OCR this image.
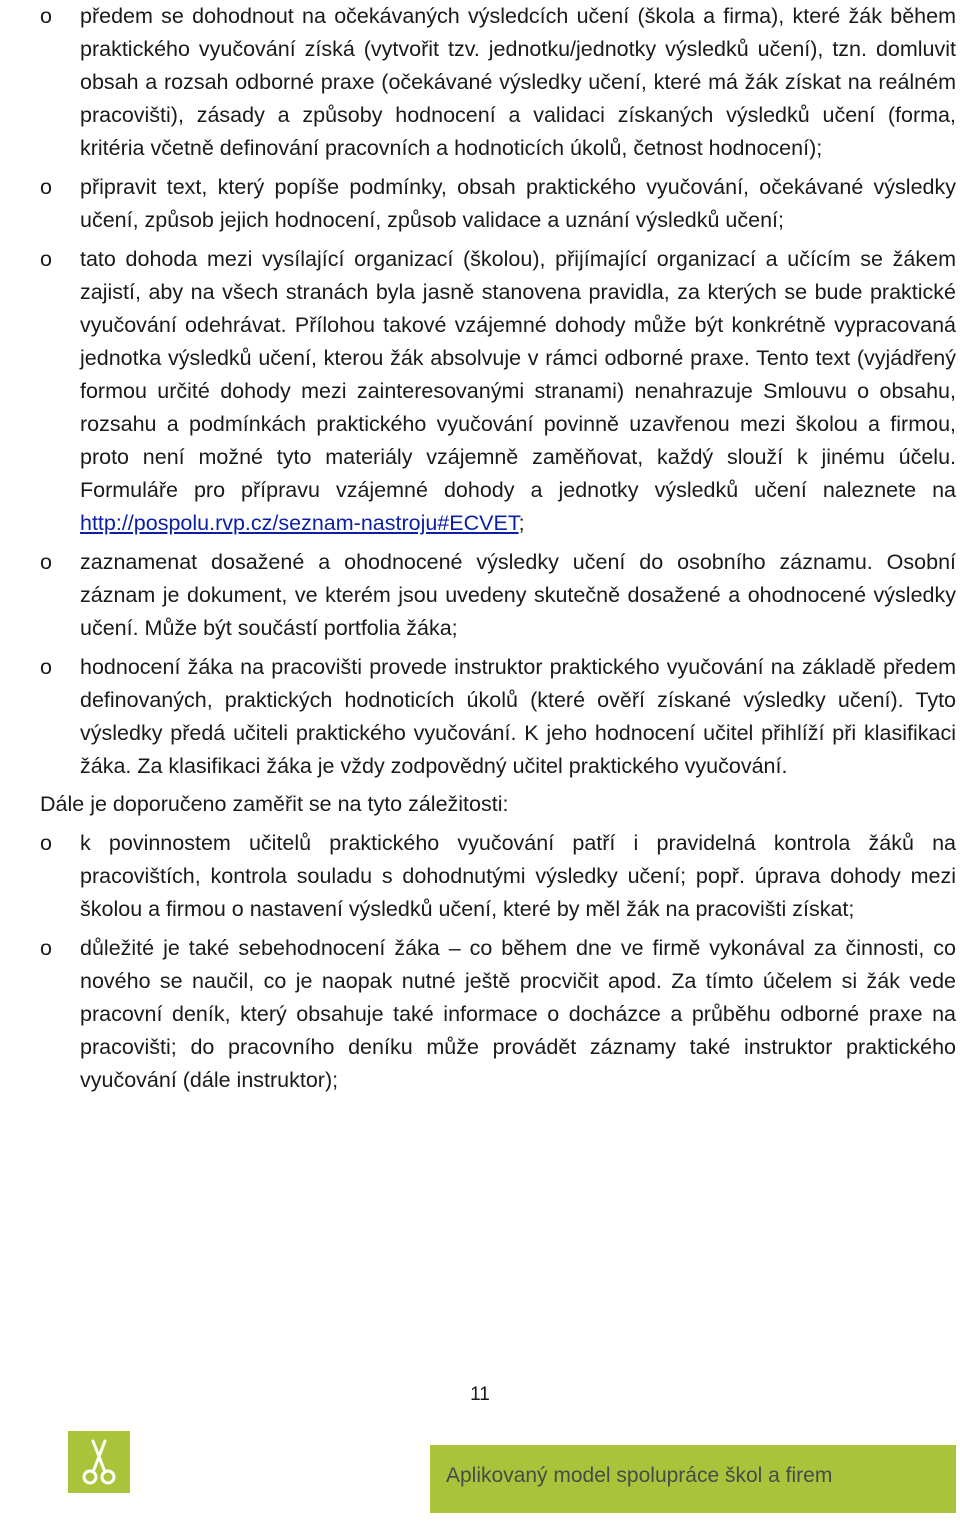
o	předem se dohodnout na očekávaných výsledcích učení (škola a firma), které žák během praktického vyučování získá (vytvořit tzv. jednotku/jednotky výsledků učení), tzn. domluvit obsah a rozsah odborné praxe (očekávané výsledky učení, které má žák získat na reálném pracovišti), zásady a způsoby hodnocení a validaci získaných výsledků učení (forma, kritéria včetně definování pracovních a hodnoticích úkolů, četnost hodnocení);
o	připravit text, který popíše podmínky, obsah praktického vyučování, očekávané výsledky učení, způsob jejich hodnocení, způsob validace a uznání výsledků učení;
o	tato dohoda mezi vysílající organizací (školou), přijímající organizací a učícím se žákem zajistí, aby na všech stranách byla jasně stanovena pravidla, za kterých se bude praktické vyučování odehrávat. Přílohou takové vzájemné dohody může být konkrétně vypracovaná jednotka výsledků učení, kterou žák absolvuje v rámci odborné praxe. Tento text (vyjádřený formou určité dohody mezi zainteresovanými stranami) nenahrazuje Smlouvu o obsahu, rozsahu a podmínkách praktického vyučování povinně uzavřenou mezi školou a firmou, proto není možné tyto materiály vzájemně zaměňovat, každý slouží k jinému účelu. Formuláře pro přípravu vzájemné dohody a jednotky výsledků učení naleznete na http://pospolu.rvp.cz/seznam-nastroju#ECVET;
o	zaznamenat dosažené a ohodnocené výsledky učení do osobního záznamu. Osobní záznam je dokument, ve kterém jsou uvedeny skutečně dosažené a ohodnocené výsledky učení. Může být součástí portfolia žáka;
o	hodnocení žáka na pracovišti provede instruktor praktického vyučování na základě předem definovaných, praktických hodnoticích úkolů (které ověří získané výsledky učení). Tyto výsledky předá učiteli praktického vyučování. K jeho hodnocení učitel přihlíží při klasifikaci žáka. Za klasifikaci žáka je vždy zodpovědný učitel praktického vyučování.

Dále je doporučeno zaměřit se na tyto záležitosti:

o	k povinnostem učitelů praktického vyučování patří i pravidelná kontrola žáků na pracovištích, kontrola souladu s dohodnutými výsledky učení; popř. úprava dohody mezi školou a firmou o nastavení výsledků učení, které by měl žák na pracovišti získat;
o	důležité je také sebehodnocení žáka – co během dne ve firmě vykonával za činnosti, co nového se naučil, co je naopak nutné ještě procvičit apod. Za tímto účelem si žák vede pracovní deník, který obsahuje také informace o docházce a průběhu odborné praxe na pracovišti; do pracovního deníku může provádět záznamy také instruktor praktického vyučování (dále instruktor);
11
Aplikovaný model spolupráce škol a firem
